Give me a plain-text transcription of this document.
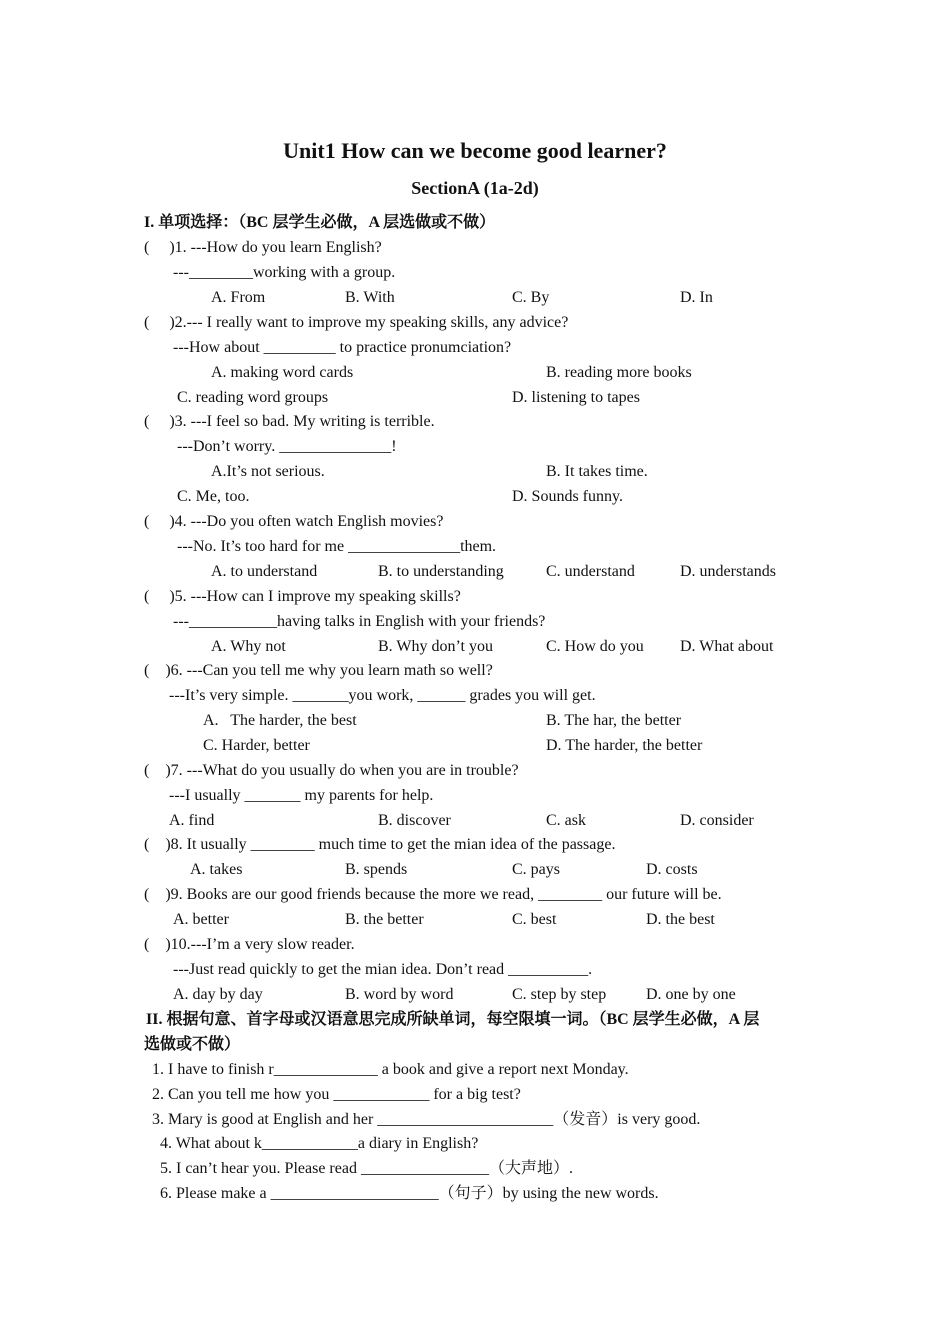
Unit1 How can we become good learner?
SectionA (1a-2d)
I. 单项选择：（BC 层学生必做，A 层选做或不做）
(     )1. ---How do you learn English?
---________working with a group.
A. From	B. With	C. By	D. In
(     )2.--- I really want to improve my speaking skills, any advice?
---How about _________ to practice pronumciation?
A. making word cards	B. reading more books
C. reading word groups	D. listening to tapes
(     )3. ---I feel so bad. My writing is terrible.
---Don’t worry. ______________!
A.It’s not serious.	B. It takes time.
C. Me, too.	D. Sounds funny.
(     )4. ---Do you often watch English movies?
---No. It’s too hard for me ______________them.
A. to understand	B. to understanding	C. understand	D. understands
(     )5. ---How can I improve my speaking skills?
---___________having talks in English with your friends?
A. Why not	B. Why don’t you	C. How do you D. What about
(    )6. ---Can you tell me why you learn math so well?
---It’s very simple. _______you work, ______ grades you will get.
A.   The harder, the best	B. The har, the better
C. Harder, better	D. The harder, the better
(    )7. ---What do you usually do when you are in trouble?
---I usually _______ my parents for help.
A. find	B. discover	C. ask	D. consider
(    )8. It usually ________ much time to get the mian idea of the passage.
A. takes	B. spends	C. pays	D. costs
(    )9. Books are our good friends because the more we read, ________ our future will be.
A. better	B. the better	C. best	D. the best
(    )10.---I’m a very slow reader.
---Just read quickly to get the mian idea. Don’t read __________.
A. day by day	B. word by word	C. step by step D. one by one
II. 根据句意、首字母或汉语意思完成所缺单词，每空限填一词。（BC 层学生必做，A 层
选做或不做）
1. I have to finish r_____________ a book and give a report next Monday.
2. Can you tell me how you ____________ for a big test?
3. Mary is good at English and her ______________________（发音）is very good.
4. What about k____________a diary in English?
5. I can’t hear you. Please read ________________（大声地）.
6. Please make a _____________________（句子）by using the new words.
